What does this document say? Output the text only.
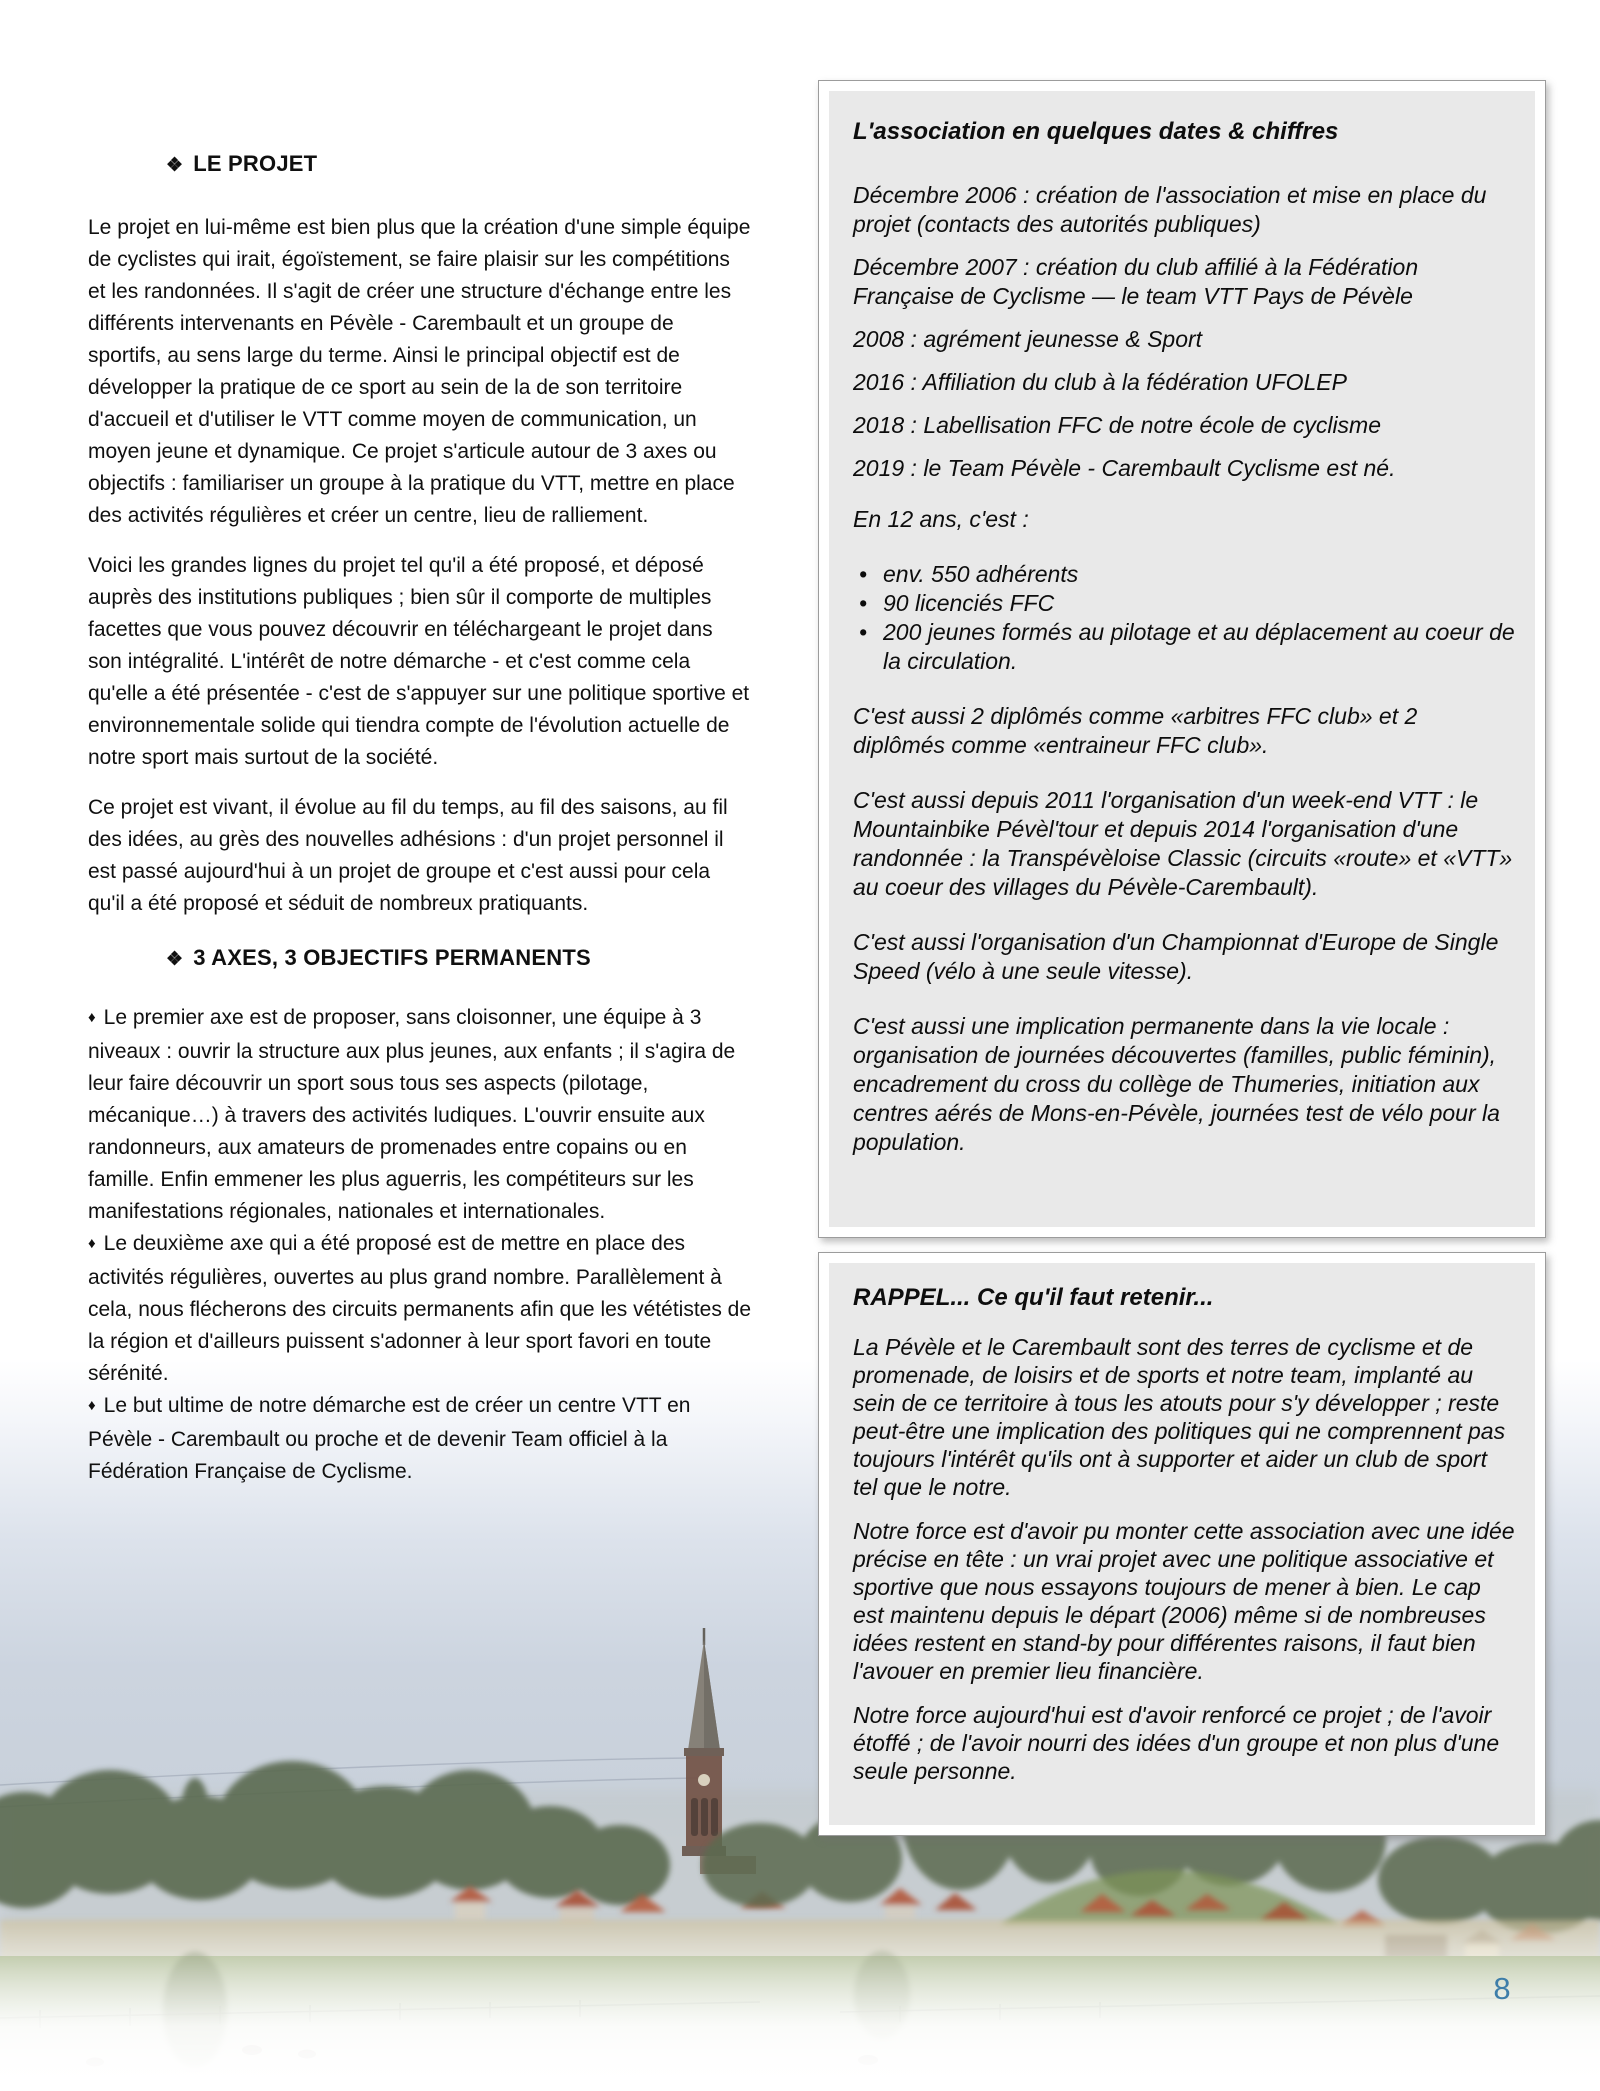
❖ LE PROJET

Le projet en lui-même est bien plus que la création d'une simple équipe de cyclistes qui irait, égoïstement, se faire plaisir sur les compétitions et les randonnées. Il s'agit de créer une structure d'échange entre les différents intervenants en Pévèle - Carembault et un groupe de sportifs, au sens large du terme. Ainsi le principal objectif est de développer la pratique de ce sport au sein de la de son territoire d'accueil et d'utiliser le VTT comme moyen de communication, un moyen jeune et dynamique. Ce projet s'articule autour de 3 axes ou objectifs : familiariser un groupe à la pratique du VTT, mettre en place des activités régulières et créer un centre, lieu de ralliement.

Voici les grandes lignes du projet tel qu'il a été proposé, et déposé auprès des institutions publiques ; bien sûr il comporte de multiples facettes que vous pouvez découvrir en téléchargeant le projet dans son intégralité. L'intérêt de notre démarche - et c'est comme cela qu'elle a été présentée - c'est de s'appuyer sur une politique sportive et environnementale solide qui tiendra compte de l'évolution actuelle de notre sport mais surtout de la société.

Ce projet est vivant, il évolue au fil du temps, au fil des saisons, au fil des idées, au grès des nouvelles adhésions : d'un projet personnel il est passé aujourd'hui à un projet de groupe et c'est aussi pour cela qu'il a été proposé et séduit de nombreux pratiquants.

❖ 3 AXES, 3 OBJECTIFS PERMANENTS

♦ Le premier axe est de proposer, sans cloisonner, une équipe à 3 niveaux : ouvrir la structure aux plus jeunes, aux enfants ; il s'agira de leur faire découvrir un sport sous tous ses aspects (pilotage, mécanique…) à travers des activités ludiques. L'ouvrir ensuite aux randonneurs, aux amateurs de promenades entre copains ou en famille. Enfin emmener les plus aguerris, les compétiteurs sur les manifestations régionales, nationales et internationales.

♦ Le deuxième axe qui a été proposé est de mettre en place des activités régulières, ouvertes au plus grand nombre. Parallèlement à cela, nous flécherons des circuits permanents afin que les vététistes de la région et d'ailleurs puissent s'adonner à leur sport favori en toute sérénité.

♦ Le but ultime de notre démarche est de créer un centre VTT en Pévèle - Carembault ou proche et de devenir Team officiel à la Fédération Française de Cyclisme.

L'association en quelques dates & chiffres

Décembre 2006 : création de l'association et mise en place du projet (contacts des autorités publiques)

Décembre 2007 : création du club affilié à la Fédération Française de Cyclisme — le team VTT Pays de Pévèle

2008 : agrément jeunesse & Sport

2016 : Affiliation du club à la fédération UFOLEP

2018 : Labellisation FFC de notre école de cyclisme

2019 : le Team Pévèle - Carembault Cyclisme est né.

En 12 ans, c'est :

• env. 550 adhérents
• 90 licenciés FFC
• 200 jeunes formés au pilotage et au déplacement au coeur de la circulation.

C'est aussi 2 diplômés comme «arbitres FFC club» et 2 diplômés comme «entraineur FFC club».

C'est aussi depuis 2011 l'organisation d'un week-end VTT : le Mountainbike Pévèl'tour et depuis 2014 l'organisation d'une randonnée : la Transpévèloise Classic (circuits «route» et «VTT» au coeur des villages du Pévèle-Carembault).

C'est aussi l'organisation d'un Championnat d'Europe de Single Speed (vélo à une seule vitesse).

C'est aussi une implication permanente dans la vie locale : organisation de journées découvertes (familles, public féminin), encadrement du cross du collège de Thumeries, initiation aux centres aérés de Mons-en-Pévèle, journées test de vélo pour la population.

RAPPEL... Ce qu'il faut retenir...

La Pévèle et le Carembault sont des terres de cyclisme et de promenade, de loisirs et de sports et notre team, implanté au sein de ce territoire à tous les atouts pour s'y développer ; reste peut-être une implication des politiques qui ne comprennent pas toujours l'intérêt qu'ils ont à supporter et aider un club de sport tel que le notre.

Notre force est d'avoir pu monter cette association avec une idée précise en tête : un vrai projet avec une politique associative et sportive que nous essayons toujours de mener à bien. Le cap est maintenu depuis le départ (2006) même si de nombreuses idées restent en stand-by pour différentes raisons, il faut bien l'avouer en premier lieu financière.

Notre force aujourd'hui est d'avoir renforcé ce projet ; de l'avoir étoffé ; de l'avoir nourri des idées d'un groupe et non plus d'une seule personne.

8
